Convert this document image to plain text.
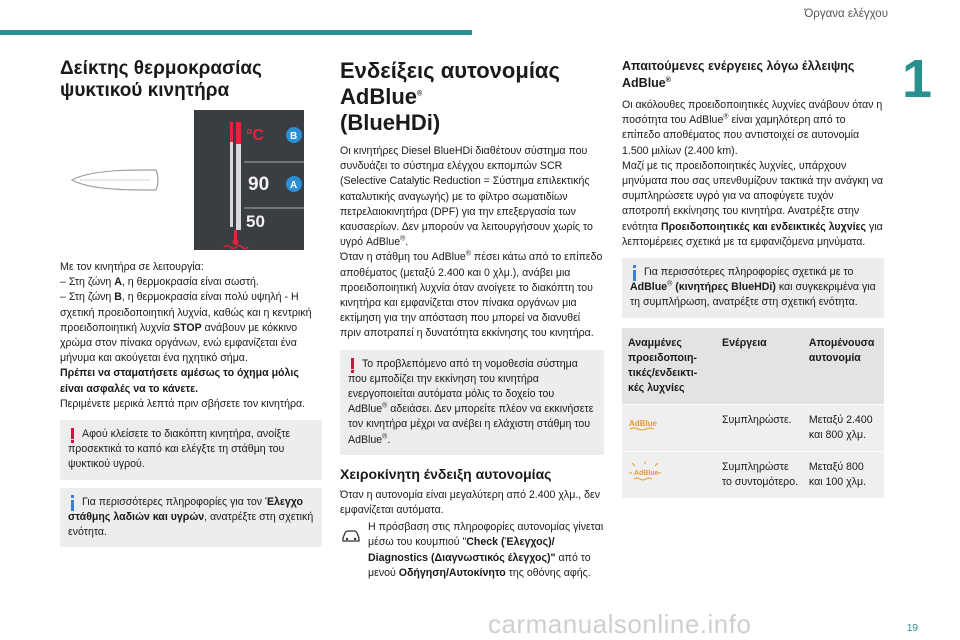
Όργανα ελέγχου
1
Δείκτης θερμοκρασίας ψυκτικού κινητήρα
°C	B
90 A
50

Με τον κινητήρα σε λειτουργία:

– Στη ζώνη A, η θερμοκρασία είναι σωστή.

– Στη ζώνη B, η θερμοκρασία είναι πολύ υψηλή - Η σχετική προειδοποιητική λυχνία, καθώς και η κεντρική προειδοποιητική λυχνία STOP ανάβουν με κόκκινο χρώμα στον πίνακα οργάνων, ενώ εμφανίζεται ένα μήνυμα και ακούγεται ένα ηχητικό σήμα.

Πρέπει να σταματήσετε αμέσως το όχημα μόλις είναι ασφαλές να το κάνετε.

Περιμένετε μερικά λεπτά πριν σβήσετε τον κινητήρα.

Αφού κλείσετε το διακόπτη κινητήρα, ανοίξτε προσεκτικά το καπό και ελέγξτε τη στάθμη του ψυκτικού υγρού.

Για περισσότερες πληροφορίες για τον Έλεγχο στάθμης λαδιών και υγρών, ανατρέξτε στη σχετική ενότητα.

Ενδείξεις αυτονομίας AdBlue®
(BlueHDi)

Οι κινητήρες Diesel BlueHDi διαθέτουν σύστημα που συνδυάζει το σύστημα ελέγχου εκπομπών SCR (Selective Catalytic Reduction = Σύστημα επιλεκτικής καταλυτικής αναγωγής) με το φίλτρο σωματιδίων πετρελαιοκινητήρα (DPF) για την επεξεργασία των καυσαερίων. Δεν μπορούν να λειτουργήσουν χωρίς το υγρό AdBlue®.

Όταν η στάθμη του AdBlue® πέσει κάτω από το επίπεδο αποθέματος (μεταξύ 2.400 και 0 χλμ.), ανάβει μια προειδοποιητική λυχνία όταν ανοίγετε το διακόπτη του κινητήρα και εμφανίζεται στον πίνακα οργάνων μια εκτίμηση για την απόσταση που μπορεί να διανυθεί πριν αποτραπεί η δυνατότητα εκκίνησης του κινητήρα.

Το προβλεπόμενο από τη νομοθεσία σύστημα που εμποδίζει την εκκίνηση του κινητήρα ενεργοποιείται αυτόματα μόλις το δοχείο του AdBlue® αδειάσει. Δεν μπορείτε πλέον να εκκινήσετε τον κινητήρα μέχρι να ανέβει η ελάχιστη στάθμη του AdBlue®.

Χειροκίνητη ένδειξη αυτονομίας

Όταν η αυτονομία είναι μεγαλύτερη από 2.400 χλμ., δεν εμφανίζεται αυτόματα.

Η πρόσβαση στις πληροφορίες αυτονομίας γίνεται μέσω του κουμπιού "Check (Έλεγχος)/ Diagnostics (Διαγνωστικός έλεγχος)" από το μενού Οδήγηση/Αυτοκίνητο της οθόνης αφής.

Απαιτούμενες ενέργειες λόγω έλλειψης AdBlue®

Οι ακόλουθες προειδοποιητικές λυχνίες ανάβουν όταν η ποσότητα του AdBlue® είναι χαμηλότερη από το επίπεδο αποθέματος που αντιστοιχεί σε αυτονομία 1.500 μιλίων (2.400 km).

Μαζί με τις προειδοποιητικές λυχνίες, υπάρχουν μηνύματα που σας υπενθυμίζουν τακτικά την ανάγκη να συμπληρώσετε υγρό για να αποφύγετε τυχόν αποτροπή εκκίνησης του κινητήρα. Ανατρέξτε στην ενότητα Προειδοποιητικές και ενδεικτικές λυχνίες για λεπτομέρειες σχετικά με τα εμφανιζόμενα μηνύματα.

Για περισσότερες πληροφορίες σχετικά με το AdBlue® (κινητήρες BlueHDi) και συγκεκριμένα για τη συμπλήρωση, ανατρέξτε στη σχετική ενότητα.

Αναμμένες προειδοποιη-τικές/ενδεικτι-κές λυχνίες	Ενέργεια	Απομένουσα αυτονομία

AdBlue	Συμπληρώστε.	Μεταξύ 2.400 και 800 χλμ.

AdBlue	Συμπληρώστε το συντομότερο.	Μεταξύ 800 και 100 χλμ.
19
carmanualsonline.info
